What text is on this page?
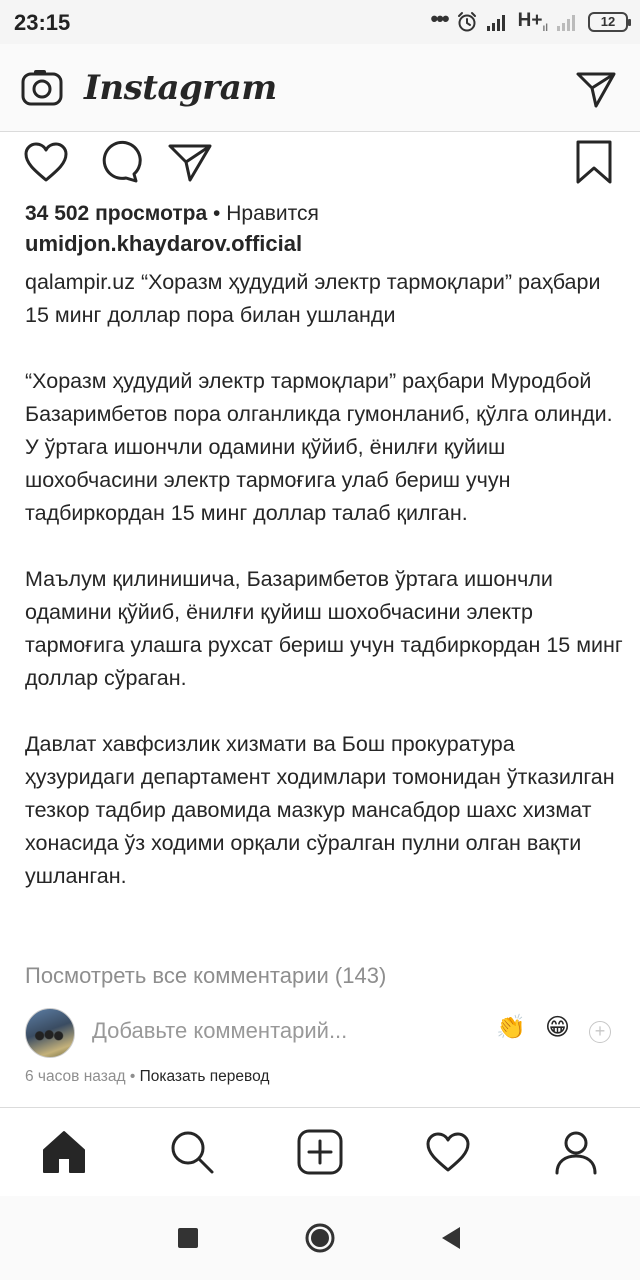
23:15	•••	$H+_{ıl}$	12
Instagram
34 502 просмотра • Нравится
umidjon.khaydarov.official

qalampir.uz “Хоразм ҳудудий электр тармоқлари” раҳбари 15 минг доллар пора билан ушланди

“Хоразм ҳудудий электр тармоқлари” раҳбари Муродбой Базаримбетов пора олганликда гумонланиб, қўлга олинди. У ўртага ишончли одамини қўйиб, ёнилғи қуйиш шохобчасини электр тармоғига улаб бериш учун тадбиркордан 15 минг доллар талаб қилган.

Маълум қилинишича, Базаримбетов ўртага ишончли одамини қўйиб, ёнилғи қуйиш шохобчасини электр тармоғига улашга рухсат бериш учун тадбиркордан 15 минг доллар сўраган.

Давлат хавфсизлик хизмати ва Бош прокуратура ҳузуридаги департамент ходимлари томонидан ўтказилган тезкор тадбир давомида мазкур мансабдор шахс хизмат хонасида ўз ходими орқали сўралган пулни олган вақти ушланган.

Посмотреть все комментарии (143)
Добавьте комментарий...
👏 😁	+
6 часов назад • Показать перевод
